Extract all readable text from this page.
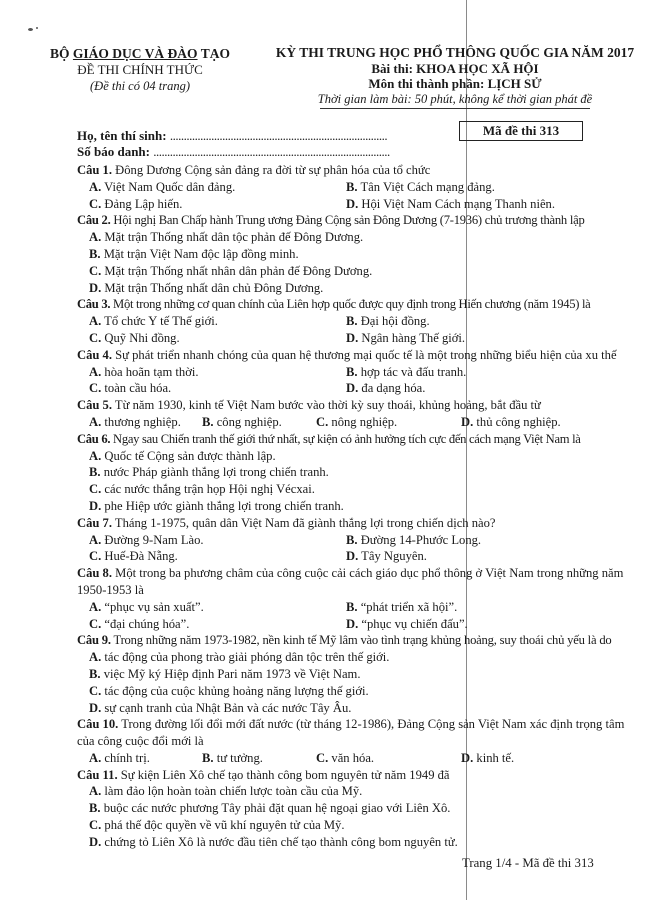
BỘ GIÁO DỤC VÀ ĐÀO TẠO
ĐỀ THI CHÍNH THỨC
(Đề thi có 04 trang)
KỲ THI TRUNG HỌC PHỔ THÔNG QUỐC GIA NĂM 2017
Bài thi: KHOA HỌC XÃ HỘI
Môn thi thành phần: LỊCH SỬ
Thời gian làm bài: 50 phút, không kể thời gian phát đề
Mã đề thi 313
Họ, tên thí sinh: ...............................................................................
Số báo danh: ......................................................................................
Câu 1. Đông Dương Cộng sản đảng ra đời từ sự phân hóa của tổ chức
A. Việt Nam Quốc dân đảng.	B. Tân Việt Cách mạng đảng.
C. Đảng Lập hiến.	D. Hội Việt Nam Cách mạng Thanh niên.
Câu 2. Hội nghị Ban Chấp hành Trung ương Đảng Cộng sản Đông Dương (7-1936) chủ trương thành lập
A. Mặt trận Thống nhất dân tộc phản đế Đông Dương.
B. Mặt trận Việt Nam độc lập đồng minh.
C. Mặt trận Thống nhất nhân dân phản đế Đông Dương.
D. Mặt trận Thống nhất dân chủ Đông Dương.
Câu 3. Một trong những cơ quan chính của Liên hợp quốc được quy định trong Hiến chương (năm 1945) là
A. Tổ chức Y tế Thế giới.	B. Đại hội đồng.
C. Quỹ Nhi đồng.	D. Ngân hàng Thế giới.
Câu 4. Sự phát triển nhanh chóng của quan hệ thương mại quốc tế là một trong những biểu hiện của xu thế
A. hòa hoãn tạm thời.	B. hợp tác và đấu tranh.
C. toàn cầu hóa.	D. đa dạng hóa.
Câu 5. Từ năm 1930, kinh tế Việt Nam bước vào thời kỳ suy thoái, khủng hoảng, bắt đầu từ
A. thương nghiệp.	B. công nghiệp.	C. nông nghiệp.	D. thủ công nghiệp.
Câu 6. Ngay sau Chiến tranh thế giới thứ nhất, sự kiện có ảnh hưởng tích cực đến cách mạng Việt Nam là
A. Quốc tế Cộng sản được thành lập.
B. nước Pháp giành thắng lợi trong chiến tranh.
C. các nước thắng trận họp Hội nghị Vécxai.
D. phe Hiệp ước giành thắng lợi trong chiến tranh.
Câu 7. Tháng 1-1975, quân dân Việt Nam đã giành thắng lợi trong chiến dịch nào?
A. Đường 9-Nam Lào.	B. Đường 14-Phước Long.
C. Huế-Đà Nẵng.	D. Tây Nguyên.
Câu 8. Một trong ba phương châm của công cuộc cải cách giáo dục phổ thông ở Việt Nam trong những năm 1950-1953 là
A. “phục vụ sản xuất”.	B. “phát triển xã hội”.
C. “đại chúng hóa”.	D. “phục vụ chiến đấu”.
Câu 9. Trong những năm 1973-1982, nền kinh tế Mỹ lâm vào tình trạng khủng hoảng, suy thoái chủ yếu là do
A. tác động của phong trào giải phóng dân tộc trên thế giới.
B. việc Mỹ ký Hiệp định Pari năm 1973 về Việt Nam.
C. tác động của cuộc khủng hoảng năng lượng thế giới.
D. sự cạnh tranh của Nhật Bản và các nước Tây Âu.
Câu 10. Trong đường lối đổi mới đất nước (từ tháng 12-1986), Đảng Cộng sản Việt Nam xác định trọng tâm của công cuộc đổi mới là
A. chính trị.	B. tư tưởng.	C. văn hóa.	D. kinh tế.
Câu 11. Sự kiện Liên Xô chế tạo thành công bom nguyên tử năm 1949 đã
A. làm đảo lộn hoàn toàn chiến lược toàn cầu của Mỹ.
B. buộc các nước phương Tây phải đặt quan hệ ngoại giao với Liên Xô.
C. phá thế độc quyền về vũ khí nguyên tử của Mỹ.
D. chứng tỏ Liên Xô là nước đầu tiên chế tạo thành công bom nguyên tử.
Trang 1/4 - Mã đề thi 313
